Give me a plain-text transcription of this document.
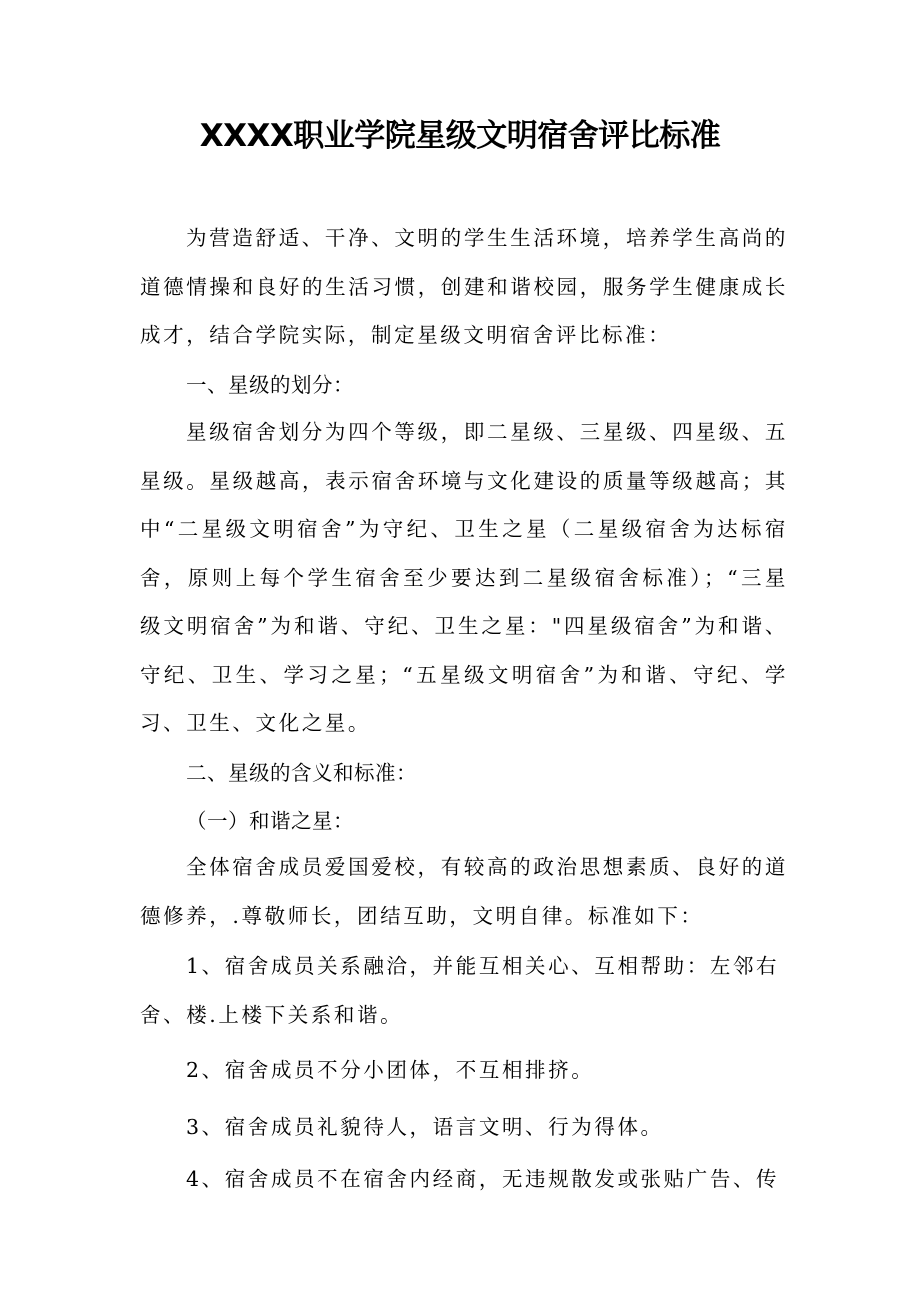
XXXX职业学院星级文明宿舍评比标准
为营造舒适、干净、文明的学生生活环境，培养学生高尚的道德情操和良好的生活习惯，创建和谐校园，服务学生健康成长成才，结合学院实际，制定星级文明宿舍评比标准：
一、星级的划分：
星级宿舍划分为四个等级，即二星级、三星级、四星级、五星级。星级越高，表示宿舍环境与文化建设的质量等级越高；其中“二星级文明宿舍”为守纪、卫生之星（二星级宿舍为达标宿舍，原则上每个学生宿舍至少要达到二星级宿舍标准）；“三星级文明宿舍”为和谐、守纪、卫生之星："四星级宿舍”为和谐、守纪、卫生、学习之星；“五星级文明宿舍”为和谐、守纪、学习、卫生、文化之星。
二、星级的含义和标准：
（一）和谐之星：
全体宿舍成员爱国爱校，有较高的政治思想素质、良好的道德修养，.尊敬师长，团结互助，文明自律。标准如下：
1、宿舍成员关系融洽，并能互相关心、互相帮助：左邻右舍、楼.上楼下关系和谐。
2、宿舍成员不分小团体，不互相排挤。
3、宿舍成员礼貌待人，语言文明、行为得体。
4、宿舍成员不在宿舍内经商，无违规散发或张贴广告、传
